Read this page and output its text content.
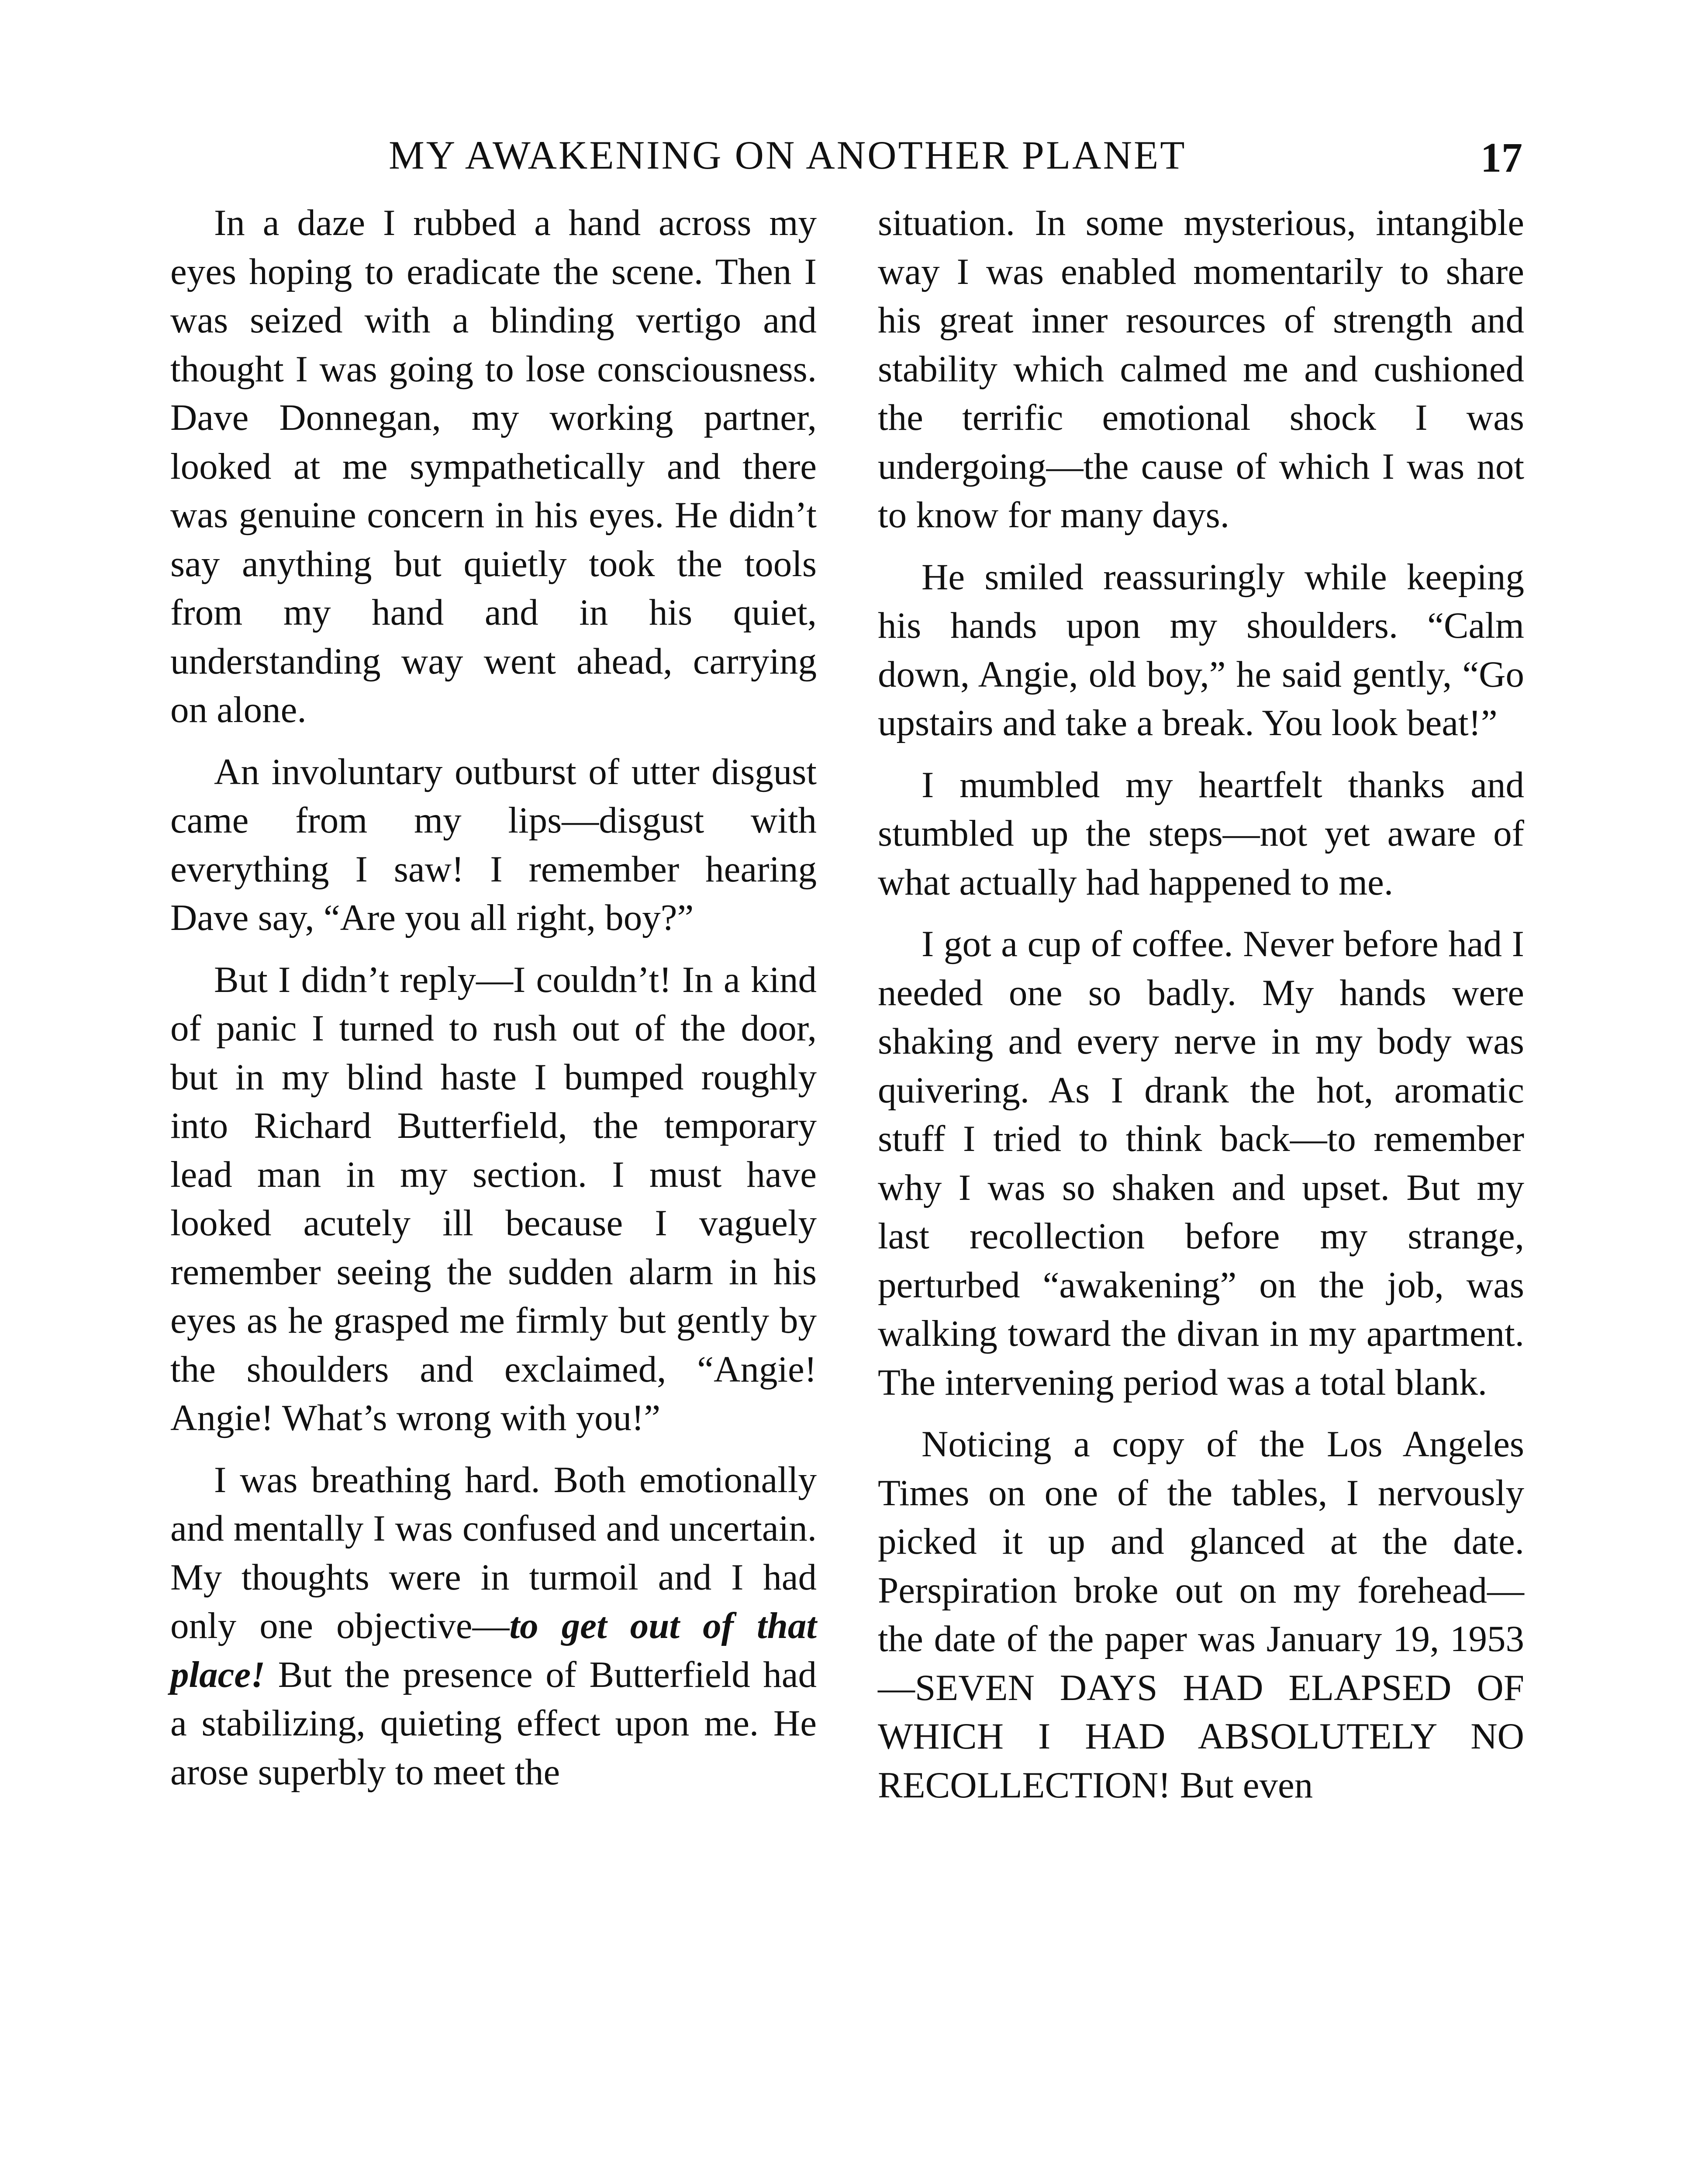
MY AWAKENING ON ANOTHER PLANET	17

In a daze I rubbed a hand across my eyes hoping to eradicate the scene. Then I was seized with a blinding vertigo and thought I was going to lose consciousness. Dave Donnegan, my working partner, looked at me sympathetically and there was genuine concern in his eyes. He didn’t say anything but quietly took the tools from my hand and in his quiet, understanding way went ahead, carrying on alone.

An involuntary outburst of utter disgust came from my lips—disgust with everything I saw! I remember hearing Dave say, “Are you all right, boy?”

But I didn’t reply—I couldn’t! In a kind of panic I turned to rush out of the door, but in my blind haste I bumped roughly into Richard Butterfield, the temporary lead man in my section. I must have looked acutely ill because I vaguely remember seeing the sudden alarm in his eyes as he grasped me firmly but gently by the shoulders and exclaimed, “Angie! Angie! What’s wrong with you!”

I was breathing hard. Both emotionally and mentally I was confused and uncertain. My thoughts were in turmoil and I had only one objective—to get out of that place! But the presence of Butterfield had a stabilizing, quieting effect upon me. He arose superbly to meet the

situation. In some mysterious, intangible way I was enabled momentarily to share his great inner resources of strength and stability which calmed me and cushioned the terrific emotional shock I was undergoing—the cause of which I was not to know for many days.

He smiled reassuringly while keeping his hands upon my shoulders. “Calm down, Angie, old boy,” he said gently, “Go upstairs and take a break. You look beat!”

I mumbled my heartfelt thanks and stumbled up the steps—not yet aware of what actually had happened to me.

I got a cup of coffee. Never before had I needed one so badly. My hands were shaking and every nerve in my body was quivering. As I drank the hot, aromatic stuff I tried to think back—to remember why I was so shaken and upset. But my last recollection before my strange, perturbed “awakening” on the job, was walking toward the divan in my apartment. The intervening period was a total blank.

Noticing a copy of the Los Angeles Times on one of the tables, I nervously picked it up and glanced at the date. Perspiration broke out on my forehead—the date of the paper was January 19, 1953—SEVEN DAYS HAD ELAPSED OF WHICH I HAD ABSOLUTELY NO RECOLLECTION! But even
